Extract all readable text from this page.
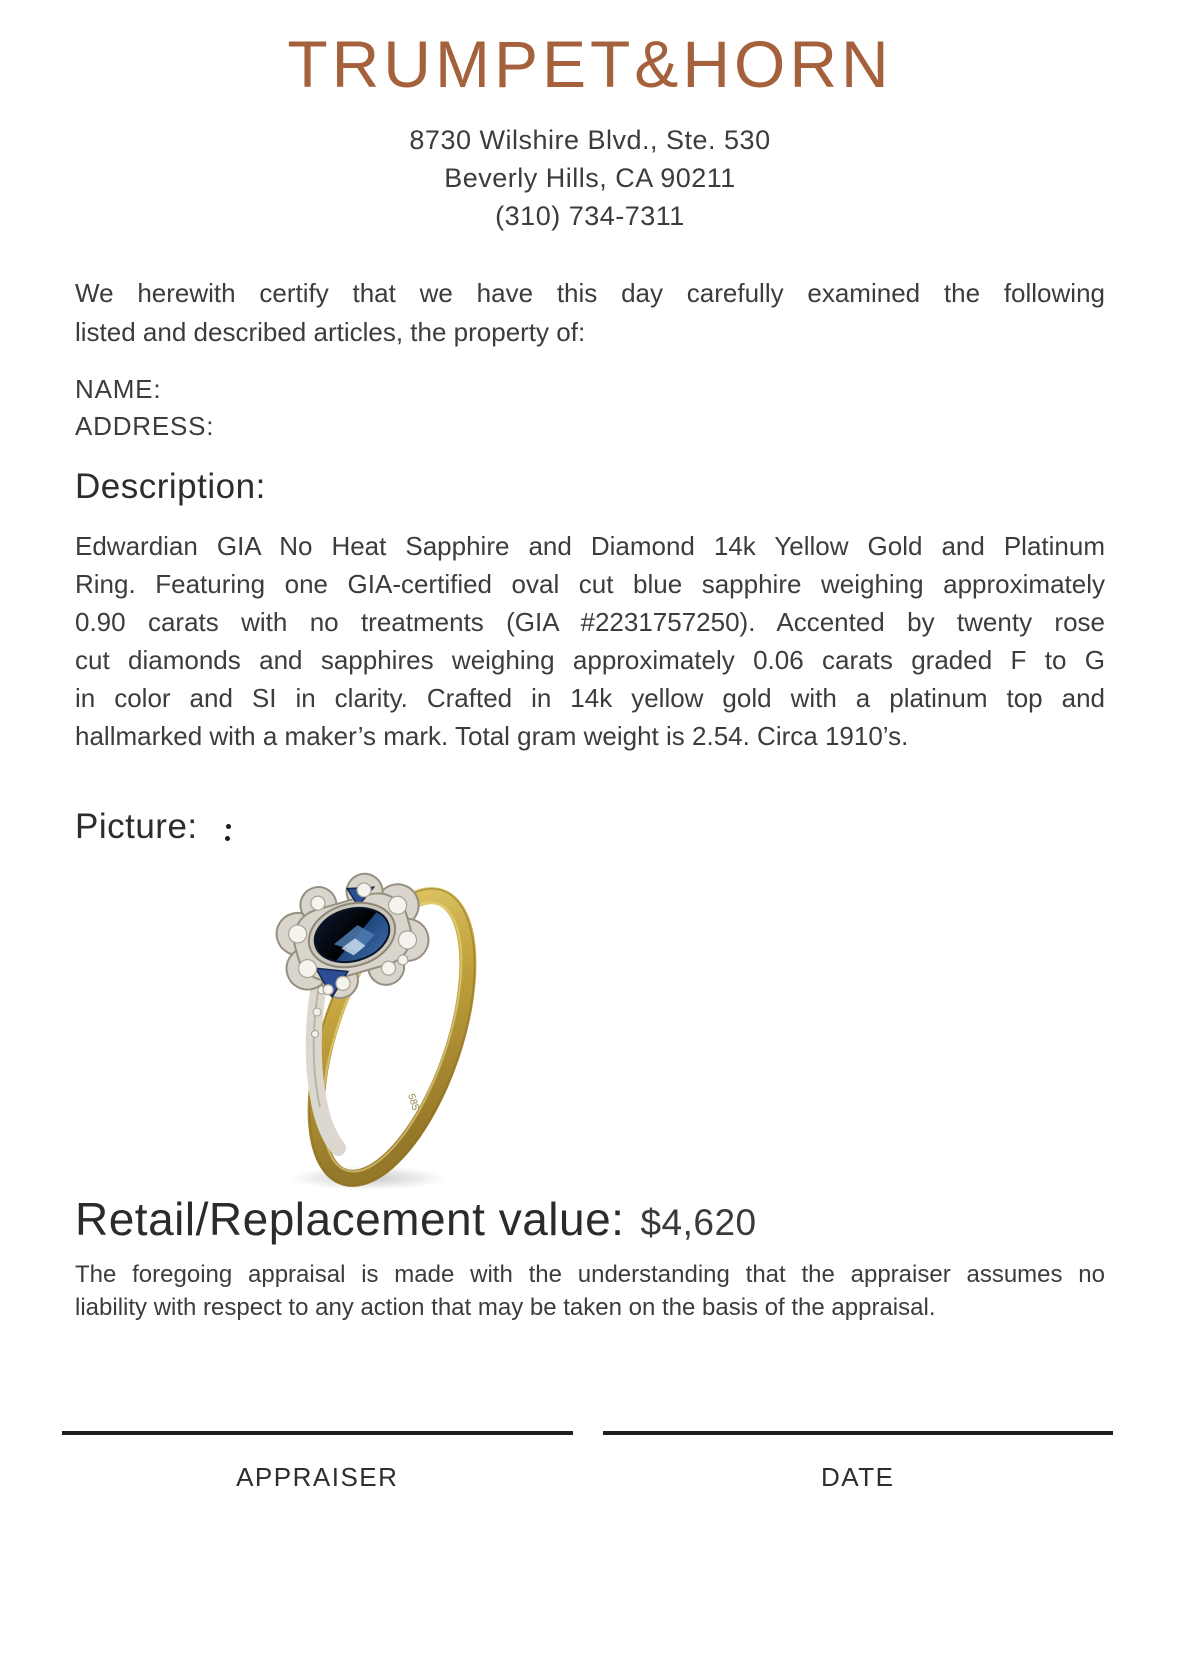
TRUMPET&HORN
8730 Wilshire Blvd., Ste. 530
Beverly Hills, CA 90211
(310) 734-7311
We herewith certify that we have this day carefully examined the following
listed and described articles, the property of:
NAME:
ADDRESS:
Description:
Edwardian GIA No Heat Sapphire and Diamond 14k Yellow Gold and Platinum
Ring. Featuring one GIA-certified oval cut blue sapphire weighing approximately
0.90 carats with no treatments (GIA #2231757250). Accented by twenty rose
cut diamonds and sapphires weighing approximately 0.06 carats graded F to G
in color and SI in clarity. Crafted in 14k yellow gold with a platinum top and
hallmarked with a maker’s mark. Total gram weight is 2.54. Circa 1910’s.
Picture:
585
Retail/Replacement value: $4,620
The foregoing appraisal is made with the understanding that the appraiser assumes no
liability with respect to any action that may be taken on the basis of the appraisal.
APPRAISER	DATE
